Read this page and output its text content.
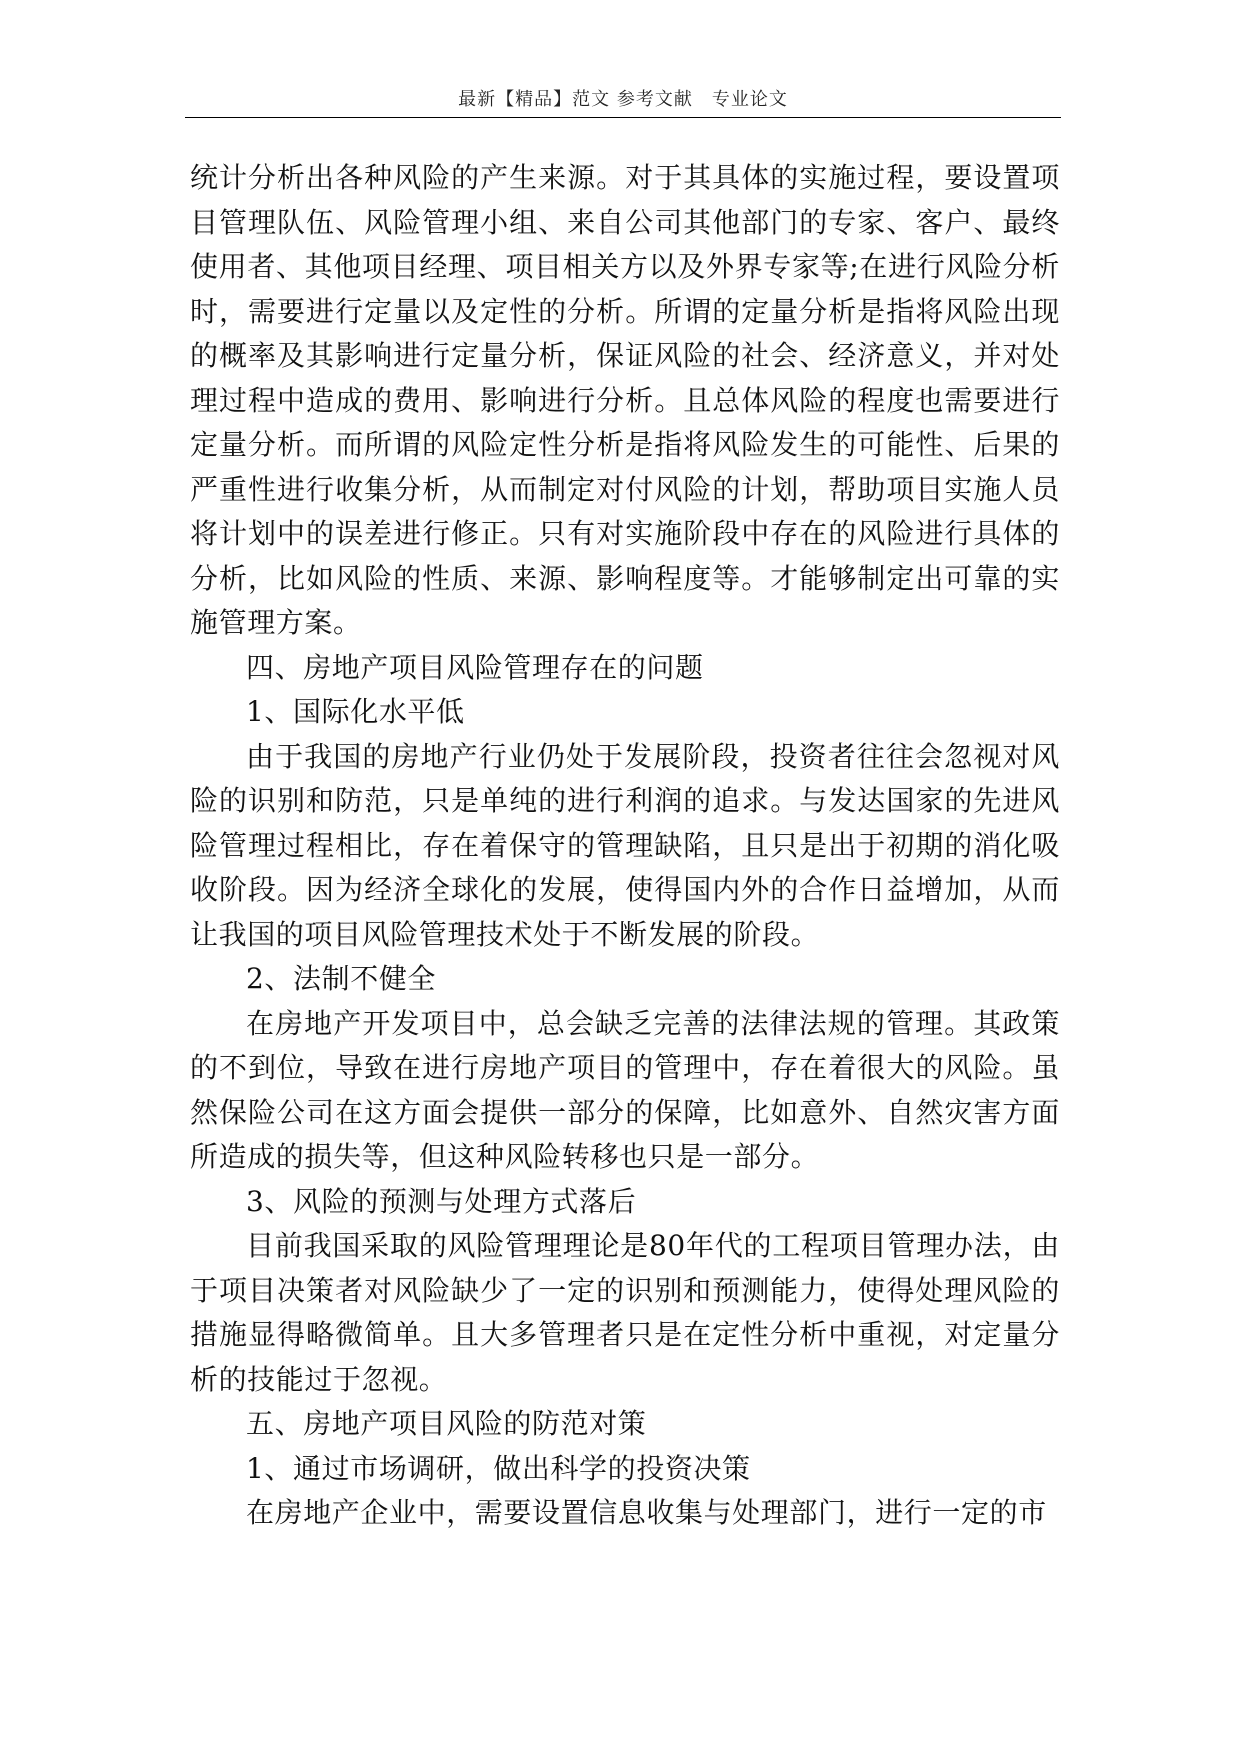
最新【精品】范文 参考文献　专业论文

统计分析出各种风险的产生来源。对于其具体的实施过程，要设置项目管理队伍、风险管理小组、来自公司其他部门的专家、客户、最终使用者、其他项目经理、项目相关方以及外界专家等;在进行风险分析时，需要进行定量以及定性的分析。所谓的定量分析是指将风险出现的概率及其影响进行定量分析，保证风险的社会、经济意义，并对处理过程中造成的费用、影响进行分析。且总体风险的程度也需要进行定量分析。而所谓的风险定性分析是指将风险发生的可能性、后果的严重性进行收集分析，从而制定对付风险的计划，帮助项目实施人员将计划中的误差进行修正。只有对实施阶段中存在的风险进行具体的分析，比如风险的性质、来源、影响程度等。才能够制定出可靠的实施管理方案。

四、房地产项目风险管理存在的问题

1、国际化水平低

由于我国的房地产行业仍处于发展阶段，投资者往往会忽视对风险的识别和防范，只是单纯的进行利润的追求。与发达国家的先进风险管理过程相比，存在着保守的管理缺陷，且只是出于初期的消化吸收阶段。因为经济全球化的发展，使得国内外的合作日益增加，从而让我国的项目风险管理技术处于不断发展的阶段。

2、法制不健全

在房地产开发项目中，总会缺乏完善的法律法规的管理。其政策的不到位，导致在进行房地产项目的管理中，存在着很大的风险。虽然保险公司在这方面会提供一部分的保障，比如意外、自然灾害方面所造成的损失等，但这种风险转移也只是一部分。

3、风险的预测与处理方式落后

目前我国采取的风险管理理论是80年代的工程项目管理办法，由于项目决策者对风险缺少了一定的识别和预测能力，使得处理风险的措施显得略微简单。且大多管理者只是在定性分析中重视，对定量分析的技能过于忽视。

五、房地产项目风险的防范对策

1、通过市场调研，做出科学的投资决策

在房地产企业中，需要设置信息收集与处理部门，进行一定的市
